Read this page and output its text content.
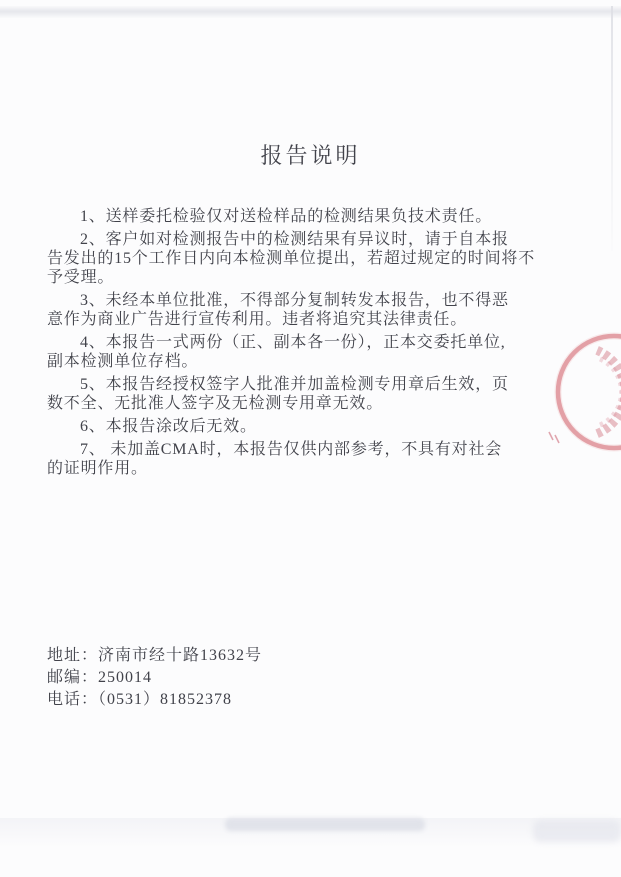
报告说明

1、送样委托检验仅对送检样品的检测结果负技术责任。

2、客户如对检测报告中的检测结果有异议时，请于自本报
告发出的15个工作日内向本检测单位提出，若超过规定的时间将不
予受理。

3、未经本单位批准，不得部分复制转发本报告，也不得恶
意作为商业广告进行宣传利用。违者将追究其法律责任。

4、本报告一式两份（正、副本各一份），正本交委托单位,
副本检测单位存档。

5、本报告经授权签字人批准并加盖检测专用章后生效，页
数不全、无批准人签字及无检测专用章无效。

6、本报告涂改后无效。

7、 未加盖CMA时，本报告仅供内部参考，不具有对社会
的证明作用。

地址：济南市经十路13632号
邮编：250014
电话：（0531）81852378
